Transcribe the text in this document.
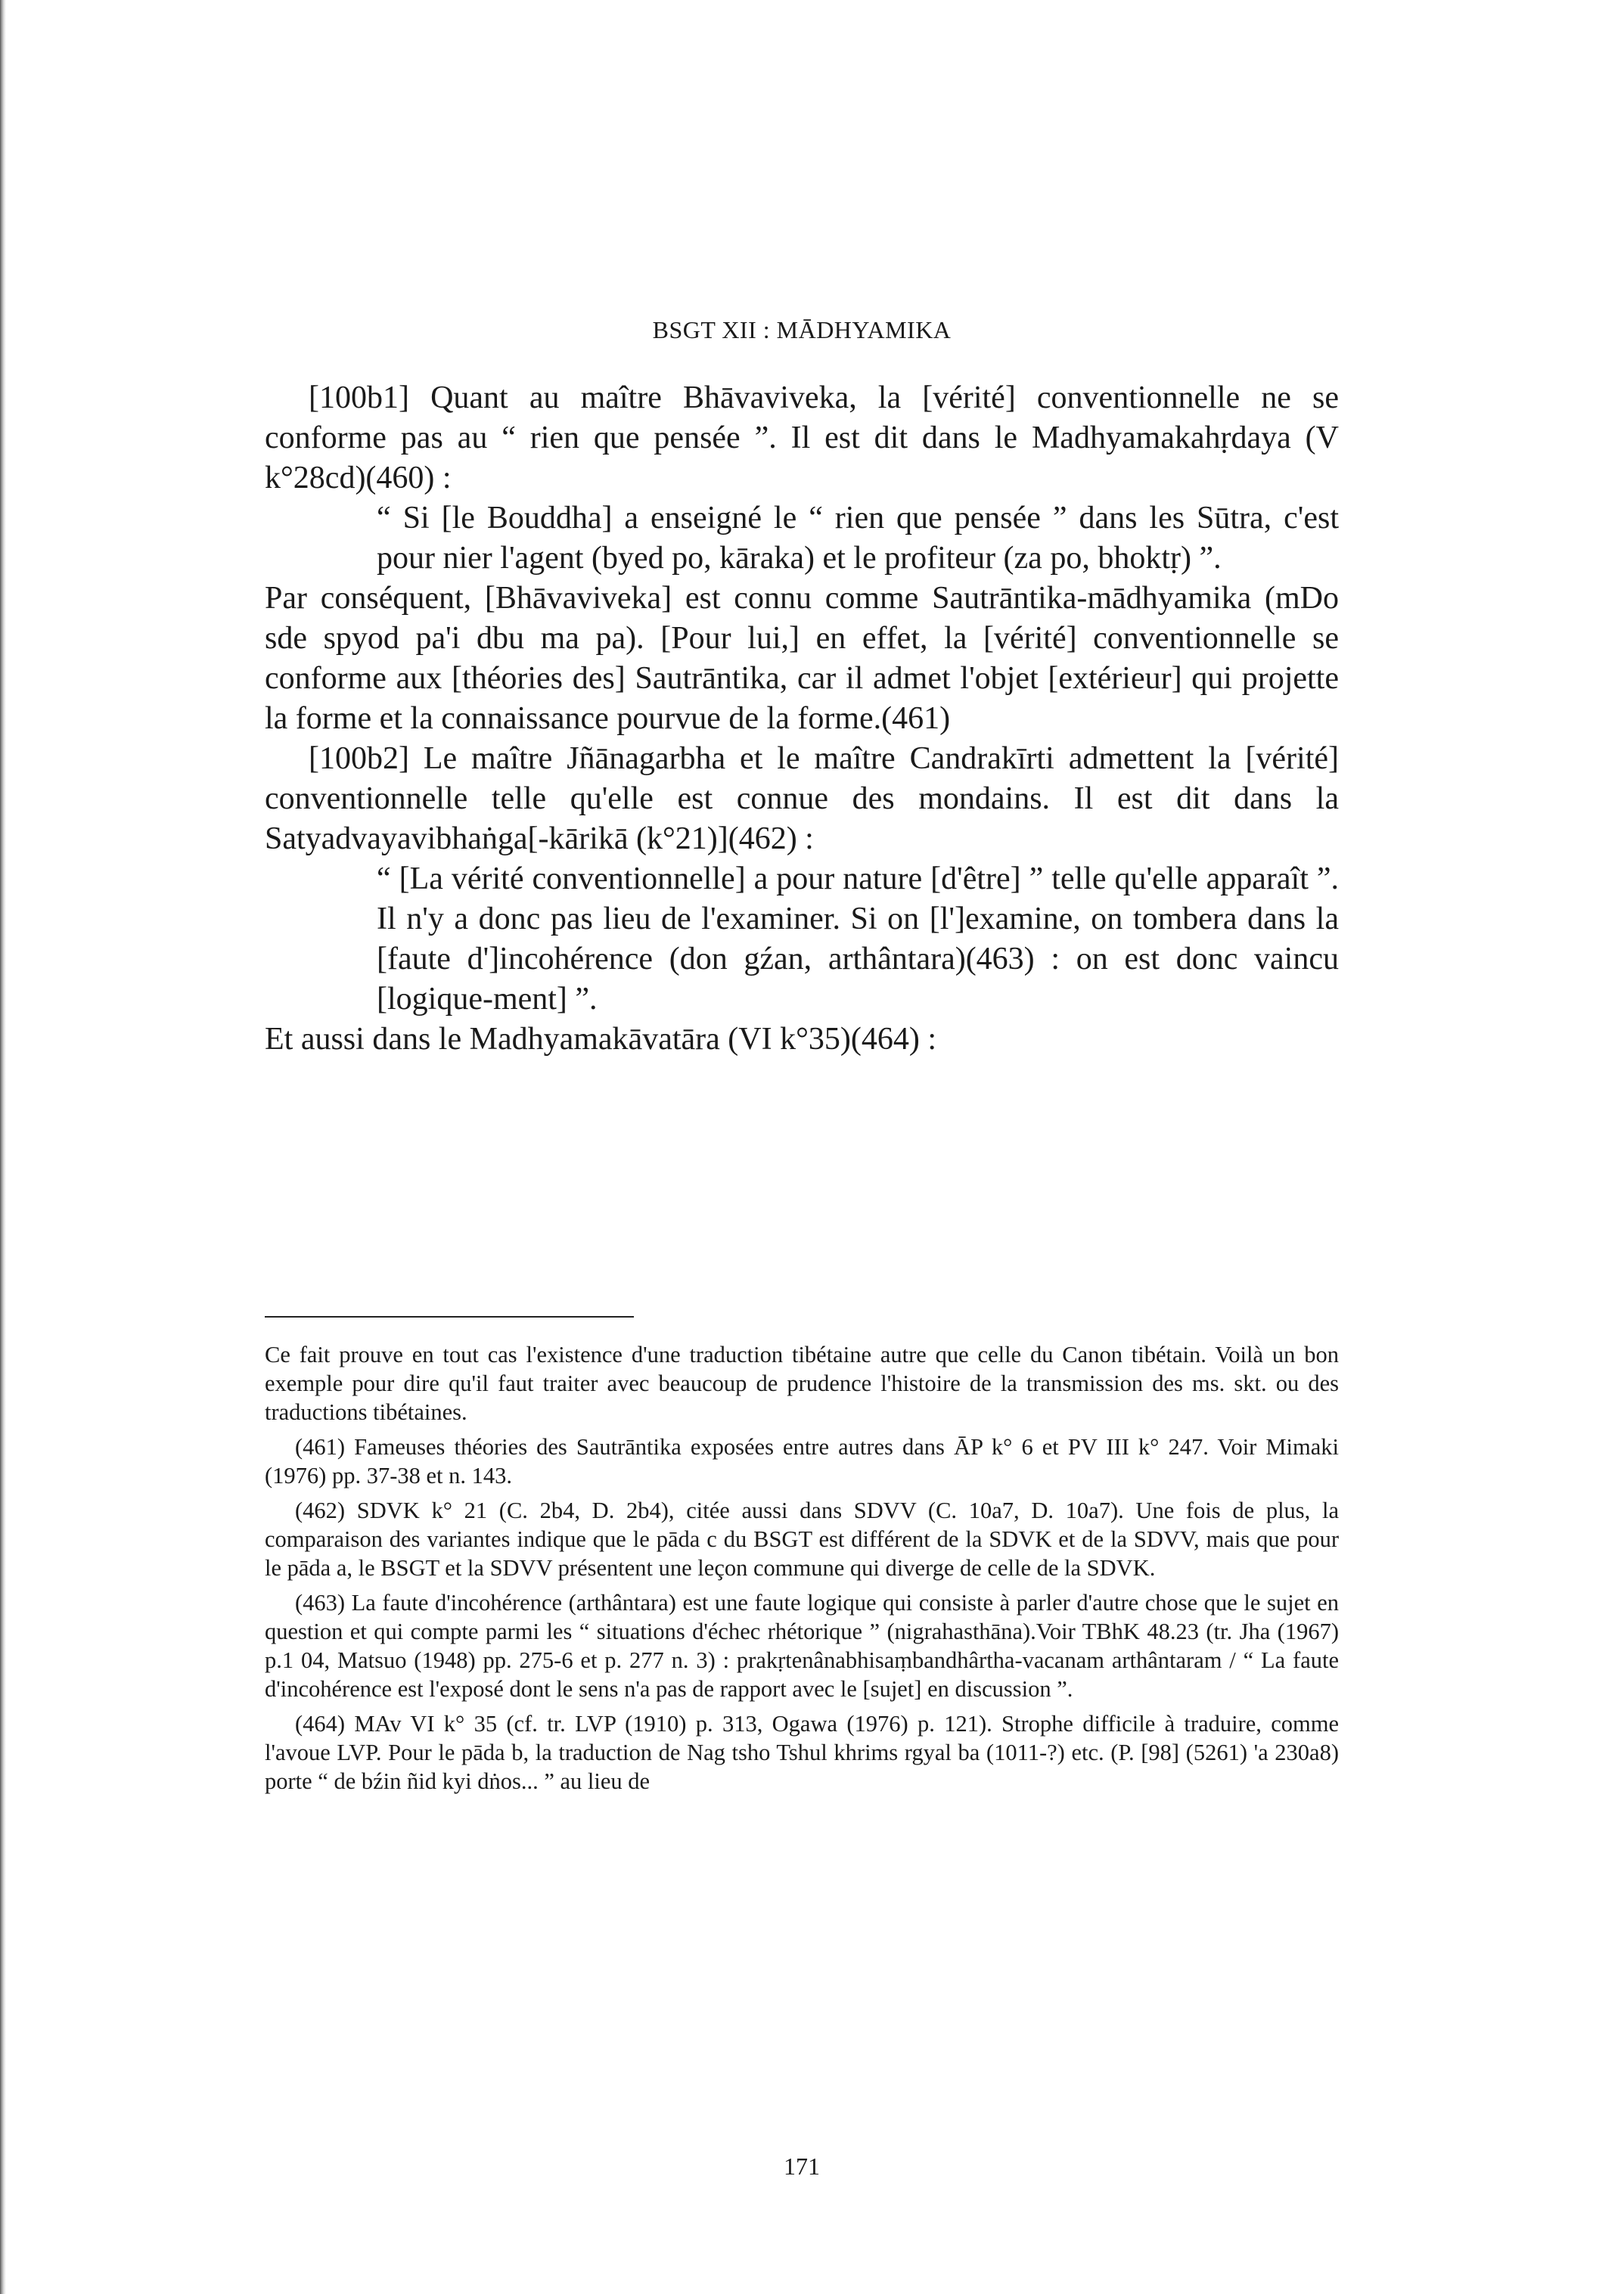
BSGT XII : MĀDHYAMIKA

[100b1] Quant au maître Bhāvaviveka, la [vérité] conventionnelle ne se conforme pas au “ rien que pensée ”. Il est dit dans le Madhyamakahṛdaya (V k°28cd)(460) :

“ Si [le Bouddha] a enseigné le “ rien que pensée ” dans les Sūtra, c'est pour nier l'agent (byed po, kāraka) et le profiteur (za po, bhoktṛ) ”.

Par conséquent, [Bhāvaviveka] est connu comme Sautrāntika-mādhyamika (mDo sde spyod pa'i dbu ma pa). [Pour lui,] en effet, la [vérité] conventionnelle se conforme aux [théories des] Sautrāntika, car il admet l'objet [extérieur] qui projette la forme et la connaissance pourvue de la forme.(461)

[100b2] Le maître Jñānagarbha et le maître Candrakīrti admettent la [vérité] conventionnelle telle qu'elle est connue des mondains. Il est dit dans la Satyadvayavibhaṅga[-kārikā (k°21)](462) :

“ [La vérité conventionnelle] a pour nature [d'être] ” telle qu'elle apparaît ”. Il n'y a donc pas lieu de l'examiner. Si on [l']examine, on tombera dans la [faute d']incohérence (don gźan, arthântara)(463) : on est donc vaincu [logique-ment] ”.

Et aussi dans le Madhyamakāvatāra (VI k°35)(464) :

Ce fait prouve en tout cas l'existence d'une traduction tibétaine autre que celle du Canon tibétain. Voilà un bon exemple pour dire qu'il faut traiter avec beaucoup de prudence l'histoire de la transmission des ms. skt. ou des traductions tibétaines.

(461) Fameuses théories des Sautrāntika exposées entre autres dans ĀP k° 6 et PV III k° 247. Voir Mimaki (1976) pp. 37-38 et n. 143.

(462) SDVK k° 21 (C. 2b4, D. 2b4), citée aussi dans SDVV (C. 10a7, D. 10a7). Une fois de plus, la comparaison des variantes indique que le pāda c du BSGT est différent de la SDVK et de la SDVV, mais que pour le pāda a, le BSGT et la SDVV présentent une leçon commune qui diverge de celle de la SDVK.

(463) La faute d'incohérence (arthântara) est une faute logique qui consiste à parler d'autre chose que le sujet en question et qui compte parmi les “ situations d'échec rhétorique ” (nigrahasthāna).Voir TBhK 48.23 (tr. Jha (1967) p.1 04, Matsuo (1948) pp. 275-6 et p. 277 n. 3) : prakṛtenânabhisaṃbandhârtha-vacanam arthântaram / “ La faute d'incohérence est l'exposé dont le sens n'a pas de rapport avec le [sujet] en discussion ”.

(464) MAv VI k° 35 (cf. tr. LVP (1910) p. 313, Ogawa (1976) p. 121). Strophe difficile à traduire, comme l'avoue LVP. Pour le pāda b, la traduction de Nag tsho Tshul khrims rgyal ba (1011-?) etc. (P. [98] (5261) 'a 230a8) porte “ de bźin ñid kyi dṅos... ” au lieu de

171
